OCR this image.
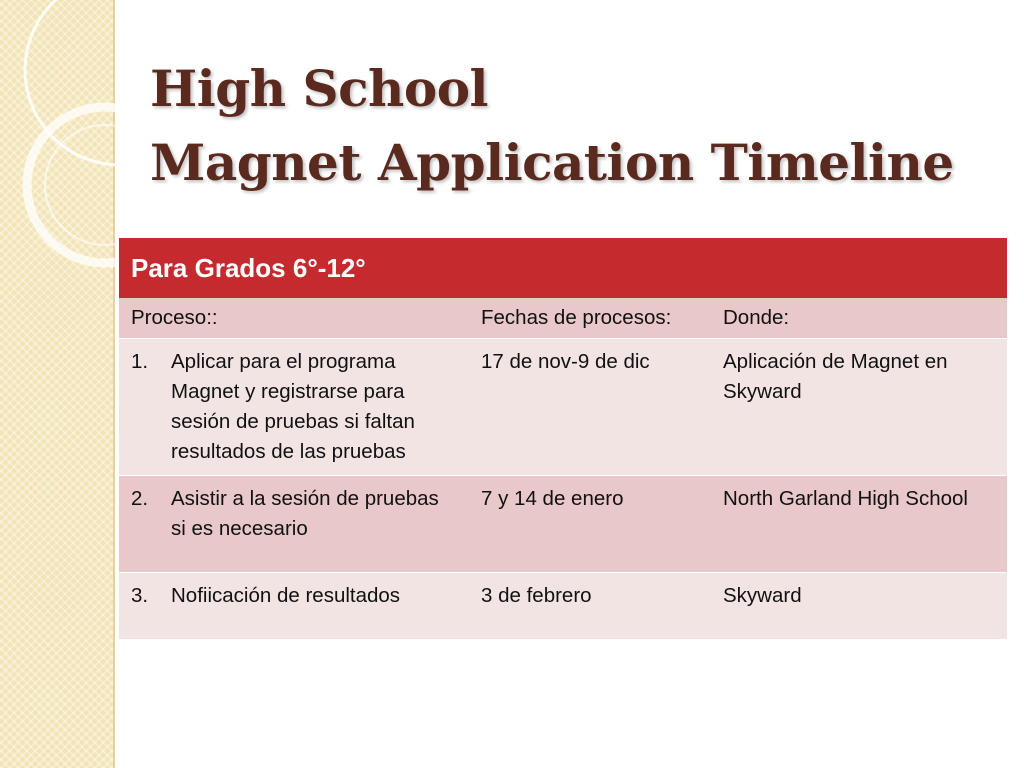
High School
Magnet Application Timeline
Para Grados 6°-12°		
Proceso::	Fechas de procesos:	Donde:

1. Aplicar para el programa Magnet y registrarse para sesión de pruebas si faltan resultados de las pruebas	17 de nov-9 de dic	Aplicación de Magnet en Skyward

2. Asistir a la sesión de pruebas si es necesario	7 y 14 de enero	North Garland High School

3. Nofiicación de resultados	3 de febrero	Skyward
